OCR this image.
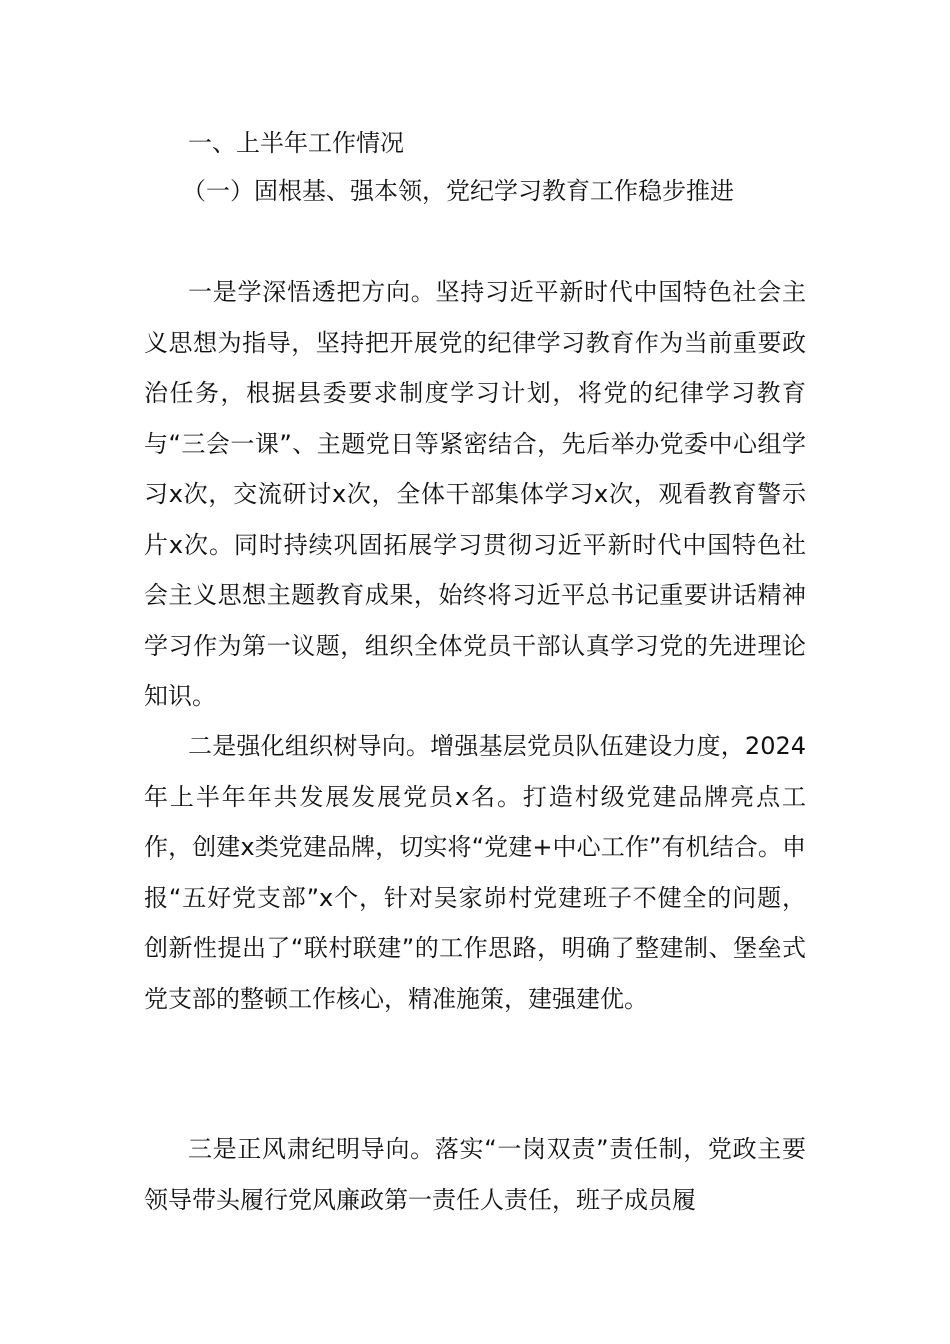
一、上半年工作情况
（一）固根基、强本领，党纪学习教育工作稳步推进

一是学深悟透把方向。坚持习近平新时代中国特色社会主义思想为指导，坚持把开展党的纪律学习教育作为当前重要政治任务，根据县委要求制度学习计划，将党的纪律学习教育与“三会一课”、主题党日等紧密结合，先后举办党委中心组学习x次，交流研讨x次，全体干部集体学习x次，观看教育警示片x次。同时持续巩固拓展学习贯彻习近平新时代中国特色社会主义思想主题教育成果，始终将习近平总书记重要讲话精神学习作为第一议题，组织全体党员干部认真学习党的先进理论知识。

二是强化组织树导向。增强基层党员队伍建设力度，2024年上半年年共发展发展党员x名。打造村级党建品牌亮点工作，创建x类党建品牌，切实将“党建+中心工作”有机结合。申报“五好党支部”x个，针对吴家峁村党建班子不健全的问题，创新性提出了“联村联建”的工作思路，明确了整建制、堡垒式党支部的整顿工作核心，精准施策，建强建优。

三是正风肃纪明导向。落实“一岗双责”责任制，党政主要领导带头履行党风廉政第一责任人责任，班子成员履
